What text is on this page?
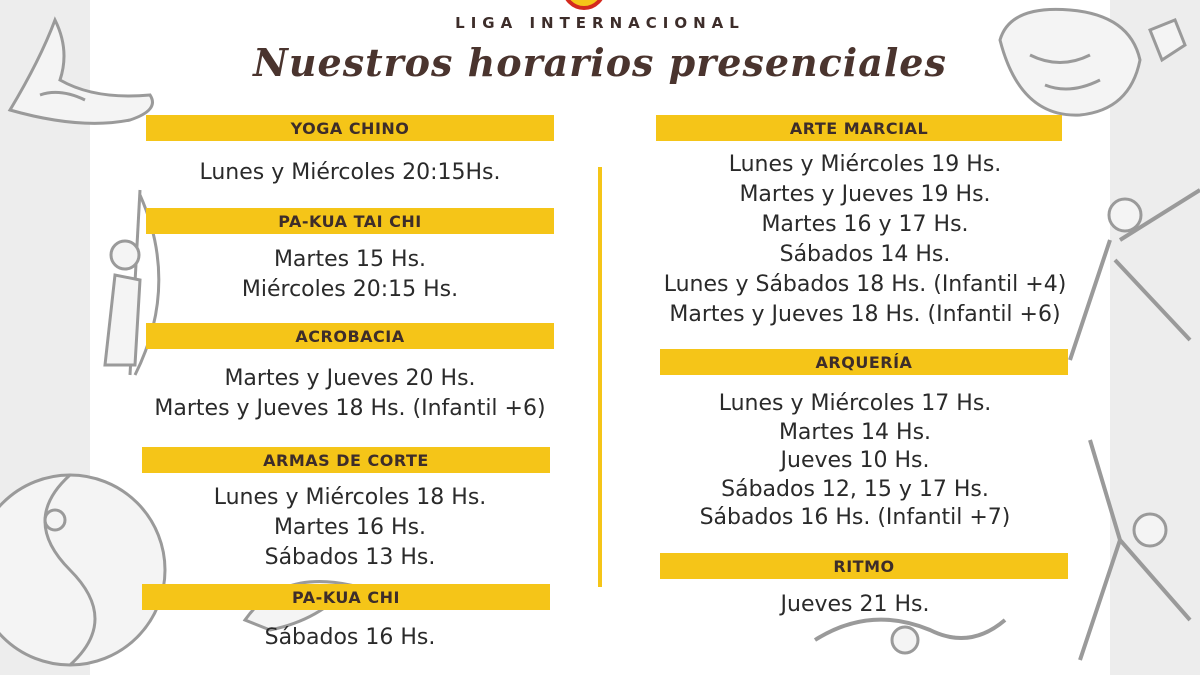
LIGA INTERNACIONAL
Nuestros horarios presenciales
YOGA CHINO
Lunes y Miércoles 20:15Hs.
PA-KUA TAI CHI
Martes 15 Hs.
Miércoles 20:15 Hs.
ACROBACIA
Martes y Jueves 20 Hs.
Martes y Jueves 18 Hs. (Infantil +6)
ARMAS DE CORTE
Lunes y Miércoles 18 Hs.
Martes 16 Hs.
Sábados 13 Hs.
PA-KUA CHI
Sábados 16 Hs.
ARTE MARCIAL
Lunes y Miércoles 19 Hs.
Martes y Jueves 19 Hs.
Martes 16 y 17 Hs.
Sábados 14 Hs.
Lunes y Sábados 18 Hs. (Infantil +4)
Martes y Jueves 18 Hs. (Infantil +6)
ARQUERÍA
Lunes y Miércoles 17 Hs.
Martes 14 Hs.
Jueves 10 Hs.
Sábados 12, 15 y 17 Hs.
Sábados 16 Hs. (Infantil +7)
RITMO
Jueves 21 Hs.
